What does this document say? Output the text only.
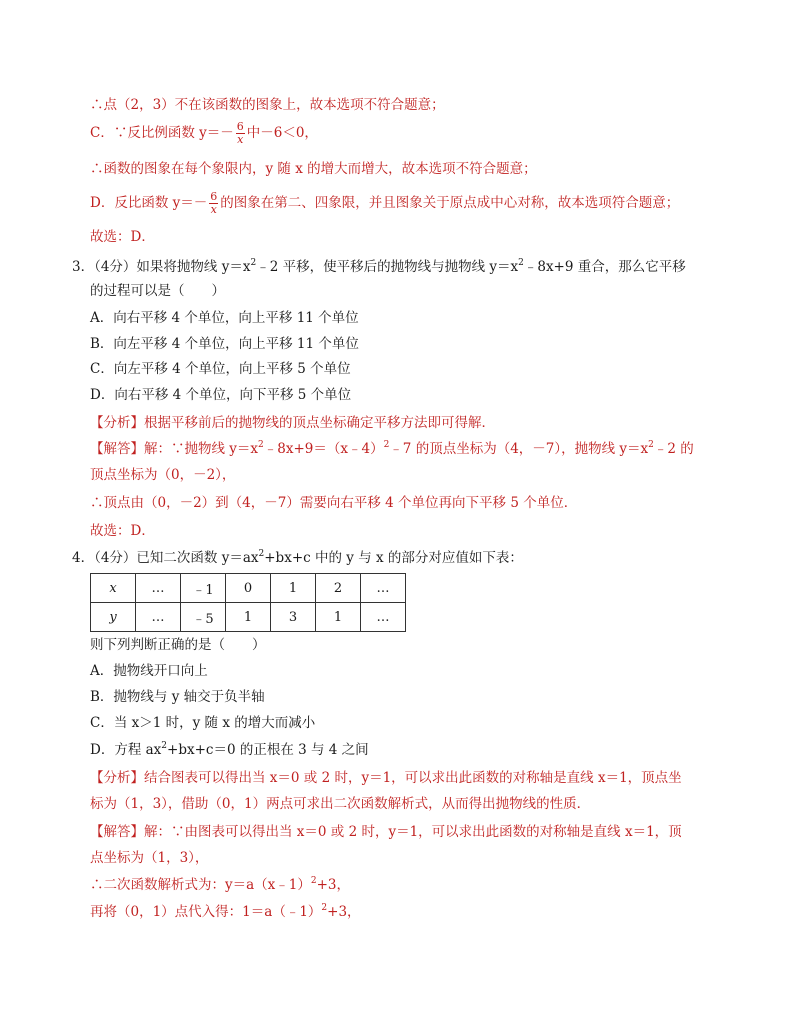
∴点（2，3）不在该函数的图象上，故本选项不符合题意；
C．∵反比例函数 $y=- \frac{6}{x}$ 中－6＜0，
∴函数的图象在每个象限内，y 随 x 的增大而增大，故本选项不符合题意；
D．反比函数 $y=- \frac{6}{x}$ 的图象在第二、四象限，并且图象关于原点成中心对称，故本选项符合题意；
故选：D．
3．（4分）如果将抛物线 $y=x^2﹣2$ 平移，使平移后的抛物线与抛物线 $y=x^2﹣8x+9$ 重合，那么它平移
的过程可以是（　　）
A．向右平移 4 个单位，向上平移 11 个单位
B．向左平移 4 个单位，向上平移 11 个单位
C．向左平移 4 个单位，向上平移 5 个单位
D．向右平移 4 个单位，向下平移 5 个单位
【分析】根据平移前后的抛物线的顶点坐标确定平移方法即可得解．
【解答】解：∵抛物线 $y=x^2﹣8x+9=(x﹣4)^2﹣7$ 的顶点坐标为（4，－7），抛物线 $y=x^2﹣2$ 的
顶点坐标为（0，－2），
∴顶点由（0，－2）到（4，－7）需要向右平移 4 个单位再向下平移 5 个单位．
故选：D．
4．（4分）已知二次函数 $y=ax^2+bx+c$ 中的 y 与 x 的部分对应值如下表：
x	…	﹣1	0	1	2	…
y	…	﹣5	1	3	1	…
则下列判断正确的是（　　）
A．抛物线开口向上
B．抛物线与 y 轴交于负半轴
C．当 x＞1 时，y 随 x 的增大而减小
D．方程 $ax^2+bx+c=0$ 的正根在 3 与 4 之间
【分析】结合图表可以得出当 x＝0 或 2 时，y＝1，可以求出此函数的对称轴是直线 x＝1，顶点坐
标为（1，3），借助（0，1）两点可求出二次函数解析式，从而得出抛物线的性质．
【解答】解：∵由图表可以得出当 x＝0 或 2 时，y＝1，可以求出此函数的对称轴是直线 x＝1，顶
点坐标为（1，3），
∴二次函数解析式为：y＝a（x﹣1）$^2$+3，
再将（0，1）点代入得：1＝a（﹣1）$^2$+3，
